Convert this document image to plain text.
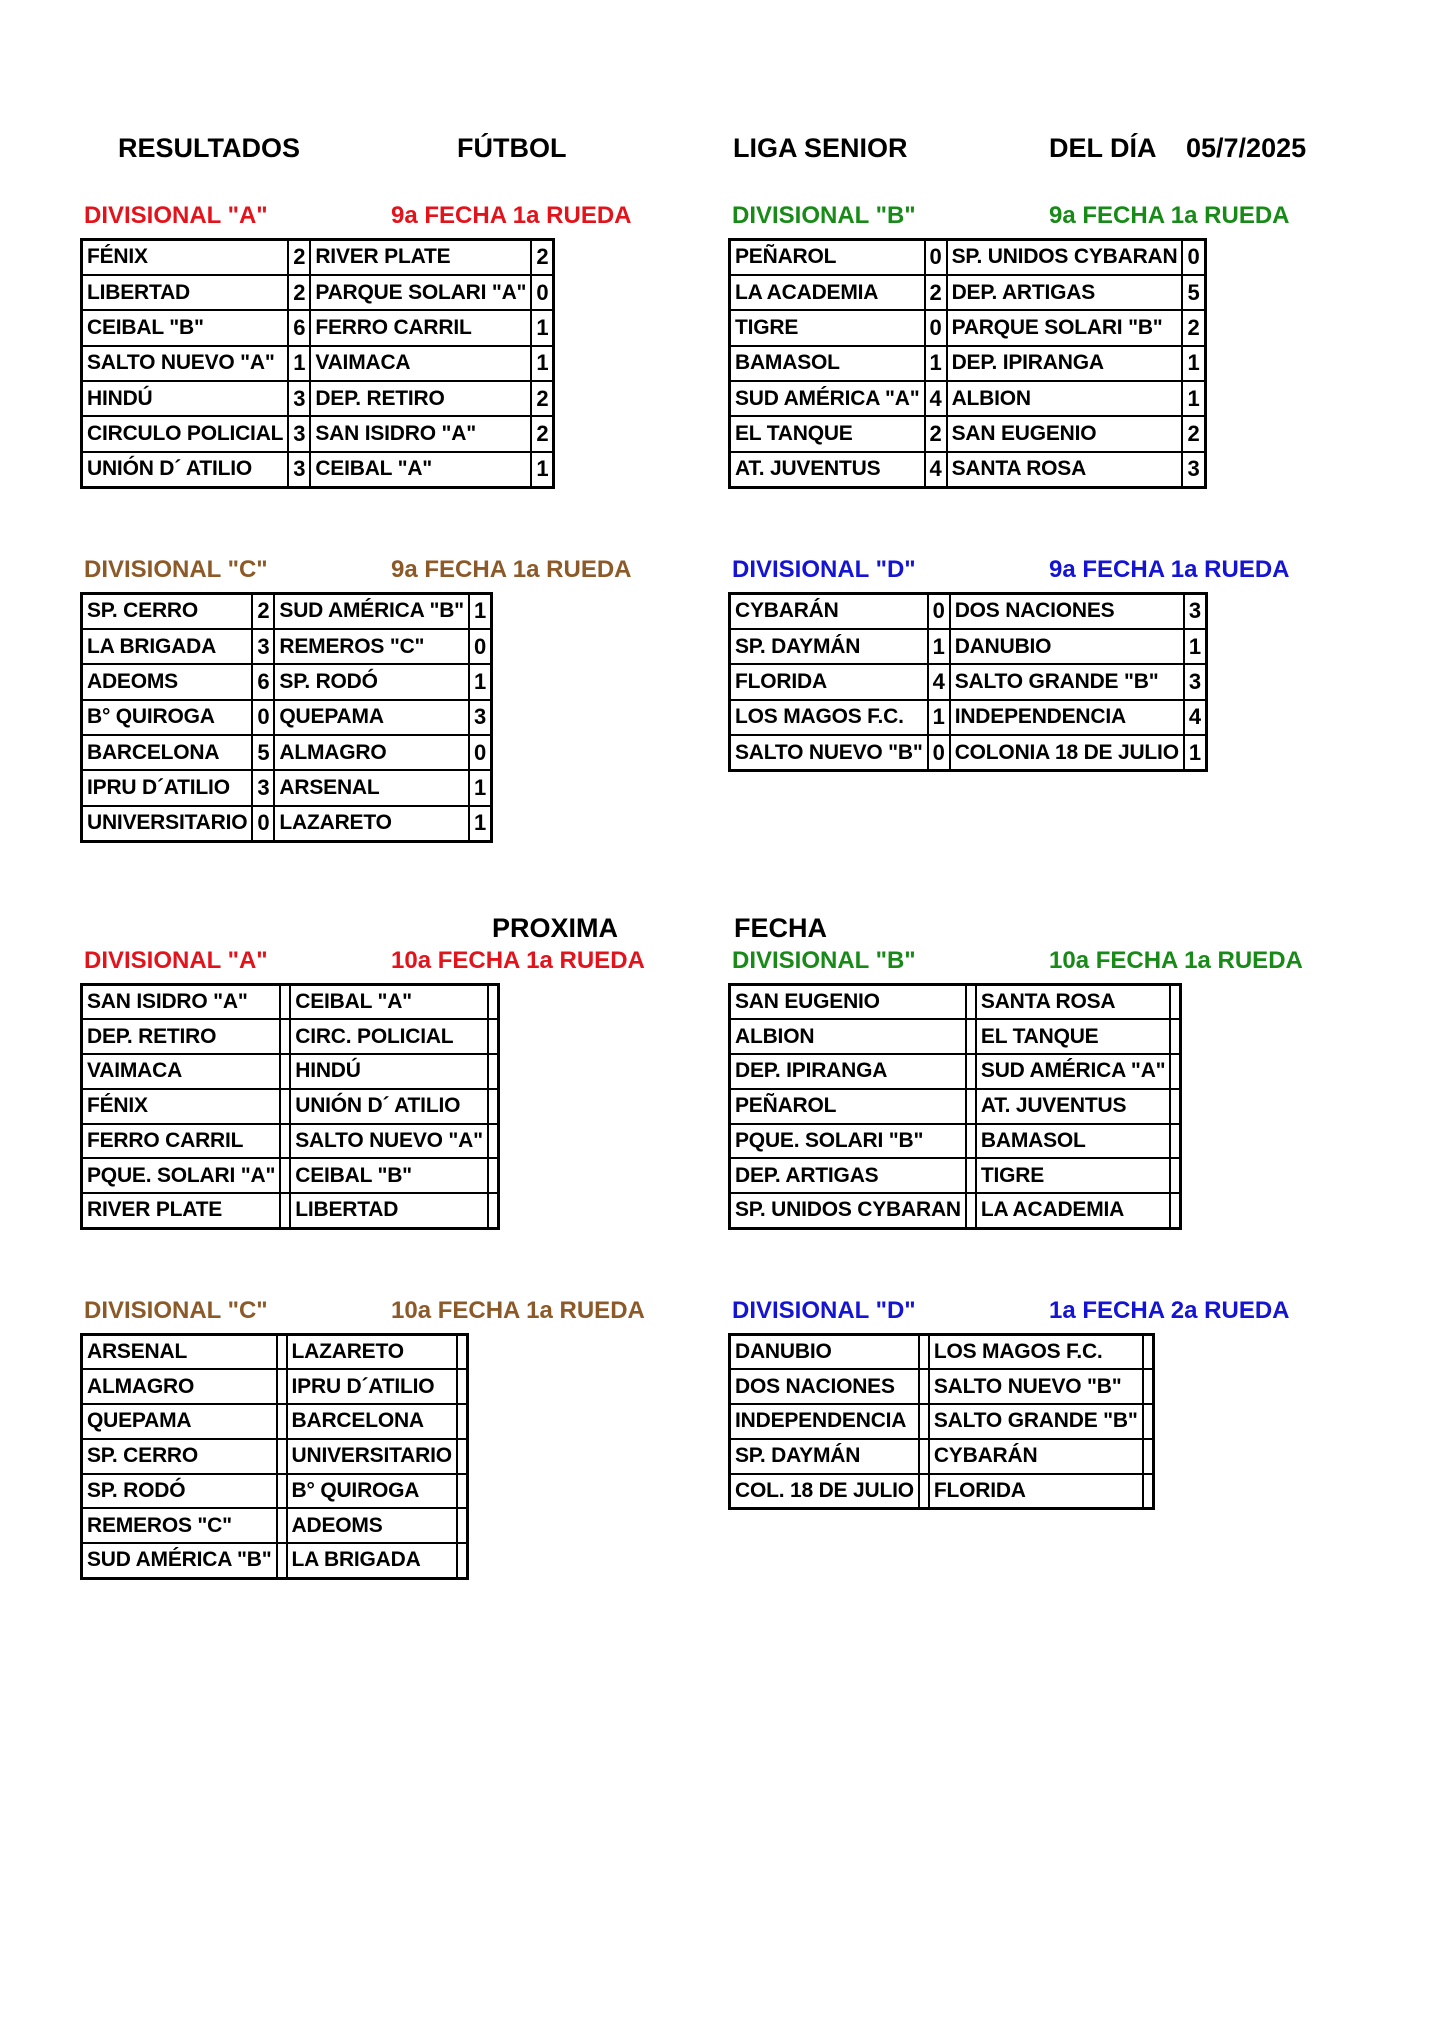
RESULTADOS	FÚTBOL	LIGA SENIOR	DEL DÍA 05/7/2025
PROXIMA	FECHA
DIVISIONAL "A"	9a FECHA 1a RUEDA
FÉNIX	2	RIVER PLATE	2
LIBERTAD	2	PARQUE SOLARI "A"	0
CEIBAL "B"	6	FERRO CARRIL	1
SALTO NUEVO "A"	1	VAIMACA	1
HINDÚ	3	DEP. RETIRO	2
CIRCULO POLICIAL	3	SAN ISIDRO "A"	2
UNIÓN D´ ATILIO	3	CEIBAL "A"	1
DIVISIONAL "B"	9a FECHA 1a RUEDA
PEÑAROL	0	SP. UNIDOS CYBARAN	0
LA ACADEMIA	2	DEP. ARTIGAS	5
TIGRE	0	PARQUE SOLARI "B"	2
BAMASOL	1	DEP. IPIRANGA	1
SUD AMÉRICA "A"	4	ALBION	1
EL TANQUE	2	SAN EUGENIO	2
AT. JUVENTUS	4	SANTA ROSA	3
DIVISIONAL "C"	9a FECHA 1a RUEDA
SP. CERRO	2	SUD AMÉRICA "B"	1
LA BRIGADA	3	REMEROS "C"	0
ADEOMS	6	SP. RODÓ	1
B° QUIROGA	0	QUEPAMA	3
BARCELONA	5	ALMAGRO	0
IPRU D´ATILIO	3	ARSENAL	1
UNIVERSITARIO	0	LAZARETO	1
DIVISIONAL "D"	9a FECHA 1a RUEDA
CYBARÁN	0	DOS NACIONES	3
SP. DAYMÁN	1	DANUBIO	1
FLORIDA	4	SALTO GRANDE "B"	3
LOS MAGOS F.C.	1	INDEPENDENCIA	4
SALTO NUEVO "B"	0	COLONIA 18 DE JULIO	1
DIVISIONAL "A"	10a FECHA 1a RUEDA
SAN ISIDRO "A"		CEIBAL "A"	
DEP. RETIRO		CIRC. POLICIAL	
VAIMACA		HINDÚ	
FÉNIX		UNIÓN D´ ATILIO	
FERRO CARRIL		SALTO NUEVO "A"	
PQUE. SOLARI "A"		CEIBAL "B"	
RIVER PLATE		LIBERTAD	
DIVISIONAL "B"	10a FECHA 1a RUEDA
SAN EUGENIO		SANTA ROSA	
ALBION		EL TANQUE	
DEP. IPIRANGA		SUD AMÉRICA "A"	
PEÑAROL		AT. JUVENTUS	
PQUE. SOLARI "B"		BAMASOL	
DEP. ARTIGAS		TIGRE	
SP. UNIDOS CYBARAN		LA ACADEMIA	
DIVISIONAL "C"	10a FECHA 1a RUEDA
ARSENAL		LAZARETO	
ALMAGRO		IPRU D´ATILIO	
QUEPAMA		BARCELONA	
SP. CERRO		UNIVERSITARIO	
SP. RODÓ		B° QUIROGA	
REMEROS "C"		ADEOMS	
SUD AMÉRICA "B"		LA BRIGADA	
DIVISIONAL "D"	1a FECHA 2a RUEDA
DANUBIO		LOS MAGOS F.C.	
DOS NACIONES		SALTO NUEVO "B"	
INDEPENDENCIA		SALTO GRANDE "B"	
SP. DAYMÁN		CYBARÁN	
COL. 18 DE JULIO		FLORIDA	
